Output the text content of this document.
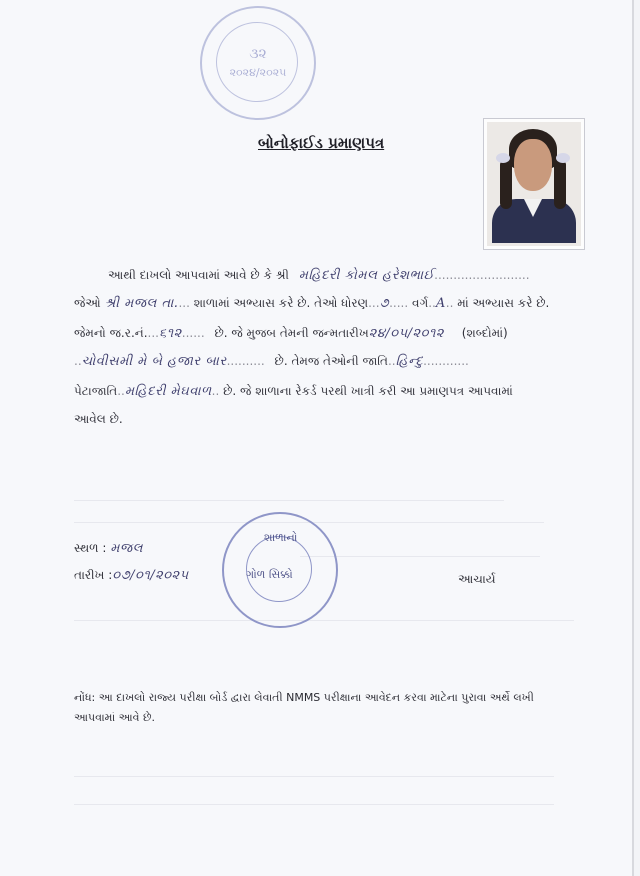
૩૨
૨૦૨૪/૨૦૨૫
બોનોફાઈડ પ્રમાણપત્ર
આથી દાખલો આપવામાં આવે છે કે શ્રી મહિદરી કોમલ હરેશભાઈ.........................
જેઓ શ્રી મજલ તા.... શાળામાં અભ્યાસ કરે છે. તેઓ ધોરણ...૭..... વર્ગ..A.. માં અભ્યાસ કરે છે.
જેમનો જ.ર.નં....૬૧૨...... છે. જે મુજબ તેમની જન્મતારીખ૨૪/૦૫/૨૦૧૨ (શબ્દોમાં)
..ચોવીસમી મે બે હજાર બાર.......... છે. તેમજ તેઓની જાતિ..હિન્દુ............
પેટાજાતિ..મહિદરી મેઘવાળ.. છે. જે શાળાના રેકર્ડ પરથી ખાત્રી કરી આ પ્રમાણપત્ર આપવામાં
આવેલ છે.
સ્થળ : મજલ
તારીખ :૦૭/૦૧/૨૦૨૫
શાળાનો
ગોળ સિક્કો	આચાર્ય
નોંધ: આ દાખલો રાજ્ય પરીક્ષા બોર્ડ દ્વારા લેવાતી NMMS પરીક્ષાના આવેદન કરવા માટેના પુરાવા અર્થે લખી આપવામાં આવે છે.
